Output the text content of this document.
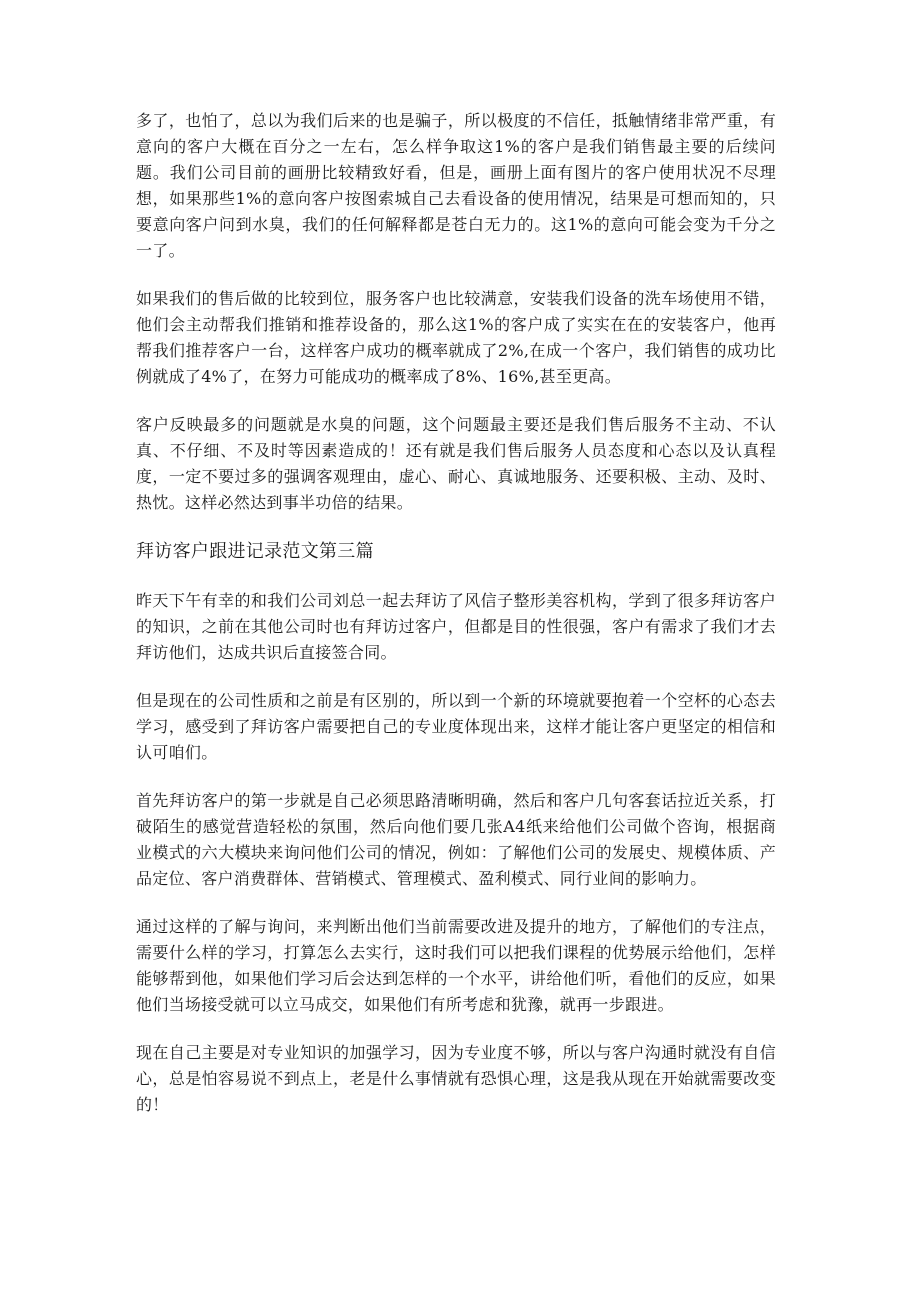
多了，也怕了，总以为我们后来的也是骗子，所以极度的不信任，抵触情绪非常严重，有意向的客户大概在百分之一左右，怎么样争取这1%的客户是我们销售最主要的后续问题。我们公司目前的画册比较精致好看，但是，画册上面有图片的客户使用状况不尽理想，如果那些1%的意向客户按图索城自己去看设备的使用情况，结果是可想而知的，只要意向客户问到水臭，我们的任何解释都是苍白无力的。这1%的意向可能会变为千分之一了。

如果我们的售后做的比较到位，服务客户也比较满意，安装我们设备的洗车场使用不错，他们会主动帮我们推销和推荐设备的，那么这1%的客户成了实实在在的安装客户，他再帮我们推荐客户一台，这样客户成功的概率就成了2%,在成一个客户，我们销售的成功比例就成了4%了，在努力可能成功的概率成了8%、16%,甚至更高。

客户反映最多的问题就是水臭的问题，这个问题最主要还是我们售后服务不主动、不认真、不仔细、不及时等因素造成的！还有就是我们售后服务人员态度和心态以及认真程度，一定不要过多的强调客观理由，虚心、耐心、真诚地服务、还要积极、主动、及时、热忱。这样必然达到事半功倍的结果。

拜访客户跟进记录范文第三篇

昨天下午有幸的和我们公司刘总一起去拜访了风信子整形美容机构，学到了很多拜访客户的知识，之前在其他公司时也有拜访过客户，但都是目的性很强，客户有需求了我们才去拜访他们，达成共识后直接签合同。

但是现在的公司性质和之前是有区别的，所以到一个新的环境就要抱着一个空杯的心态去学习，感受到了拜访客户需要把自己的专业度体现出来，这样才能让客户更坚定的相信和认可咱们。

首先拜访客户的第一步就是自己必须思路清晰明确，然后和客户几句客套话拉近关系，打破陌生的感觉营造轻松的氛围，然后向他们要几张A4纸来给他们公司做个咨询，根据商业模式的六大模块来询问他们公司的情况，例如：了解他们公司的发展史、规模体质、产品定位、客户消费群体、营销模式、管理模式、盈利模式、同行业间的影响力。

通过这样的了解与询问，来判断出他们当前需要改进及提升的地方，了解他们的专注点，需要什么样的学习，打算怎么去实行，这时我们可以把我们课程的优势展示给他们，怎样能够帮到他，如果他们学习后会达到怎样的一个水平，讲给他们听，看他们的反应，如果他们当场接受就可以立马成交，如果他们有所考虑和犹豫，就再一步跟进。

现在自己主要是对专业知识的加强学习，因为专业度不够，所以与客户沟通时就没有自信心，总是怕容易说不到点上，老是什么事情就有恐惧心理，这是我从现在开始就需要改变的！
